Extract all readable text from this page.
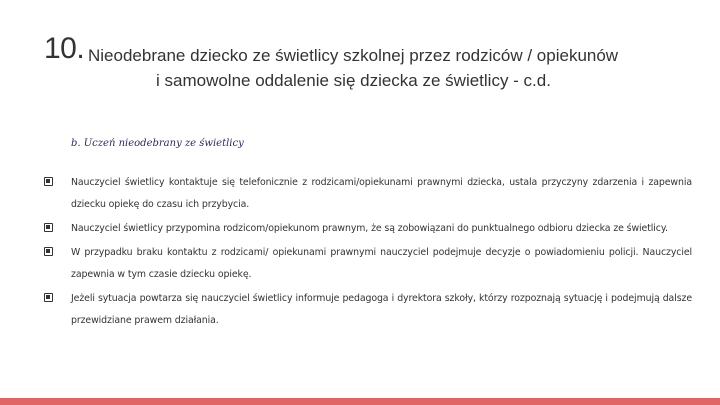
10. Nieodebrane dziecko ze świetlicy szkolnej przez rodziców / opiekunów
i samowolne oddalenie się dziecka ze świetlicy - c.d.
b. Uczeń nieodebrany ze świetlicy
Nauczyciel świetlicy kontaktuje się telefonicznie z rodzicami/opiekunami prawnymi dziecka, ustala przyczyny zdarzenia i zapewnia dziecku opiekę do czasu ich przybycia.
Nauczyciel świetlicy przypomina rodzicom/opiekunom prawnym, że są zobowiązani do punktualnego odbioru dziecka ze świetlicy.
W przypadku braku kontaktu z rodzicami/ opiekunami prawnymi nauczyciel podejmuje decyzje o powiadomieniu policji. Nauczyciel zapewnia w tym czasie dziecku opiekę.
Jeżeli sytuacja powtarza się nauczyciel świetlicy informuje pedagoga i dyrektora szkoły, którzy rozpoznają sytuację i podejmują dalsze przewidziane prawem działania.
